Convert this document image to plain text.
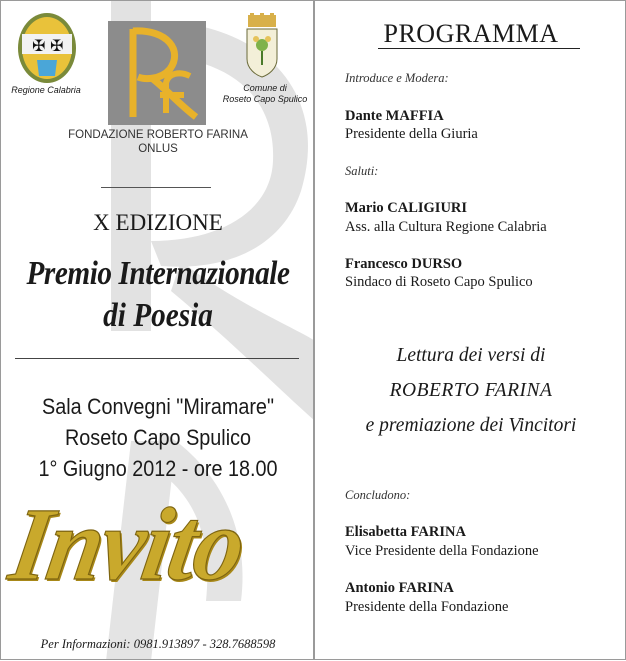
✠ ✠
Regione Calabria	Comune di
Roseto Capo Spulico
FONDAZIONE ROBERTO FARINA
ONLUS
X EDIZIONE
Premio Internazionale
di Poesia
Sala Convegni "Miramare"
Roseto Capo Spulico
1° Giugno 2012 - ore 18.00
Invito
Per Informazioni: 0981.913897 - 328.7688598
PROGRAMMA
Introduce e Modera:
Dante MAFFIA
Presidente della Giuria
Saluti:
Mario CALIGIURI
Ass. alla Cultura Regione Calabria
Francesco DURSO
Sindaco di Roseto Capo Spulico
Lettura dei versi di
ROBERTO FARINA
e premiazione dei Vincitori
Concludono:
Elisabetta FARINA
Vice Presidente della Fondazione
Antonio FARINA
Presidente della Fondazione
